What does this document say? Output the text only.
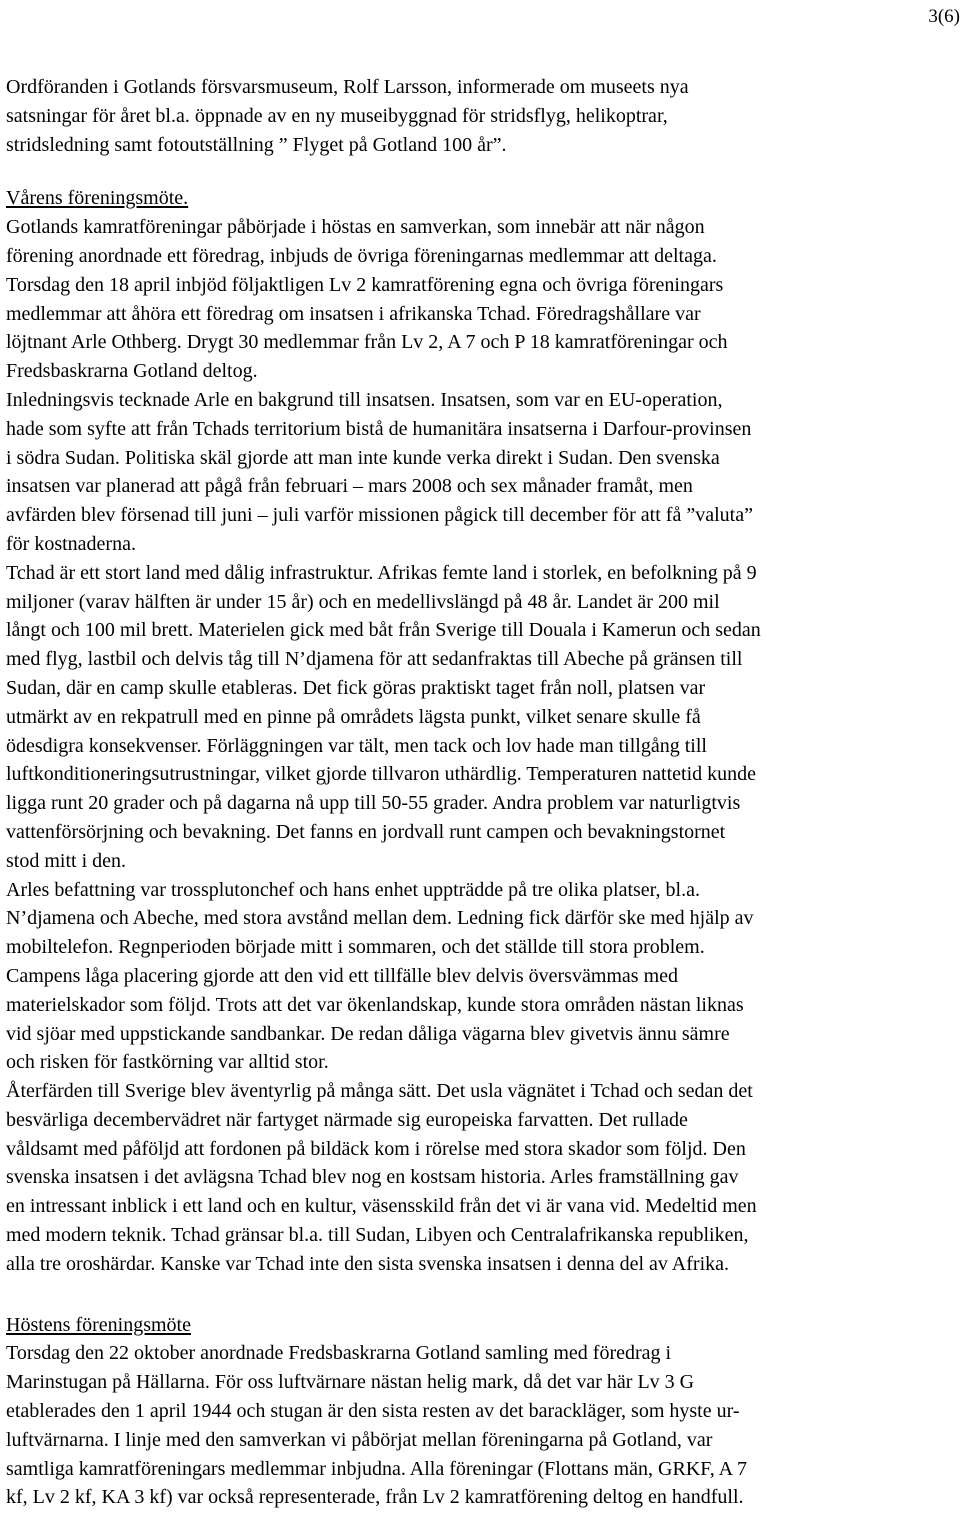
3(6)

Ordföranden i Gotlands försvarsmuseum, Rolf Larsson, informerade om museets nya

satsningar för året bl.a. öppnade av en ny museibyggnad för stridsflyg, helikoptrar,

stridsledning samt fotoutställning ” Flyget på Gotland 100 år”.

Vårens föreningsmöte.

Gotlands kamratföreningar påbörjade i höstas en samverkan, som innebär att när någon

förening anordnade ett föredrag, inbjuds de övriga föreningarnas medlemmar att deltaga.

Torsdag den 18 april inbjöd följaktligen Lv 2 kamratförening egna och övriga föreningars

medlemmar att åhöra ett föredrag om insatsen i afrikanska Tchad. Föredragshållare var

löjtnant Arle Othberg. Drygt 30 medlemmar från Lv 2, A 7 och P 18 kamratföreningar och

Fredsbaskrarna Gotland deltog.

Inledningsvis tecknade Arle en bakgrund till insatsen. Insatsen, som var en EU-operation,

hade som syfte att från Tchads territorium bistå de humanitära insatserna i Darfour-provinsen

i södra Sudan. Politiska skäl gjorde att man inte kunde verka direkt i Sudan. Den svenska

insatsen var planerad att pågå från februari – mars 2008 och sex månader framåt, men

avfärden blev försenad till juni – juli varför missionen pågick till december för att få ”valuta”

för kostnaderna.

Tchad är ett stort land med dålig infrastruktur. Afrikas femte land i storlek, en befolkning på 9

miljoner (varav hälften är under 15 år) och en medellivslängd på 48 år. Landet är 200 mil

långt och 100 mil brett. Materielen gick med båt från Sverige till Douala i Kamerun och sedan

med flyg, lastbil och delvis tåg till N’djamena för att sedanfraktas till Abeche på gränsen till

Sudan, där en camp skulle etableras. Det fick göras praktiskt taget från noll, platsen var

utmärkt av en rekpatrull med en pinne på områdets lägsta punkt, vilket senare skulle få

ödesdigra konsekvenser. Förläggningen var tält, men tack och lov hade man tillgång till

luftkonditioneringsutrustningar, vilket gjorde tillvaron uthärdlig. Temperaturen nattetid kunde

ligga runt 20 grader och på dagarna nå upp till 50-55 grader. Andra problem var naturligtvis

vattenförsörjning och bevakning. Det fanns en jordvall runt campen och bevakningstornet

stod mitt i den.

Arles befattning var trossplutonchef och hans enhet uppträdde på tre olika platser, bl.a.

N’djamena och Abeche, med stora avstånd mellan dem. Ledning fick därför ske med hjälp av

mobiltelefon. Regnperioden började mitt i sommaren, och det ställde till stora problem.

Campens låga placering gjorde att den vid ett tillfälle blev delvis översvämmas med

materielskador som följd. Trots att det var ökenlandskap, kunde stora områden nästan liknas

vid sjöar med uppstickande sandbankar. De redan dåliga vägarna blev givetvis ännu sämre

och risken för fastkörning var alltid stor.

Återfärden till Sverige blev äventyrlig på många sätt. Det usla vägnätet i Tchad och sedan det

besvärliga decembervädret när fartyget närmade sig europeiska farvatten. Det rullade

våldsamt med påföljd att fordonen på bildäck kom i rörelse med stora skador som följd. Den

svenska insatsen i det avlägsna Tchad blev nog en kostsam historia. Arles framställning gav

en intressant inblick i ett land och en kultur, väsensskild från det vi är vana vid. Medeltid men

med modern teknik. Tchad gränsar bl.a. till Sudan, Libyen och Centralafrikanska republiken,

alla tre oroshärdar. Kanske var Tchad inte den sista svenska insatsen i denna del av Afrika.

Höstens föreningsmöte

Torsdag den 22 oktober anordnade Fredsbaskrarna Gotland samling med föredrag i

Marinstugan på Hällarna. För oss luftvärnare nästan helig mark, då det var här Lv 3 G

etablerades den 1 april 1944 och stugan är den sista resten av det barackläger, som hyste ur-

luftvärnarna. I linje med den samverkan vi påbörjat mellan föreningarna på Gotland, var

samtliga kamratföreningars medlemmar inbjudna. Alla föreningar (Flottans män, GRKF, A 7

kf, Lv 2 kf, KA 3 kf) var också representerade, från Lv 2 kamratförening deltog en handfull.
